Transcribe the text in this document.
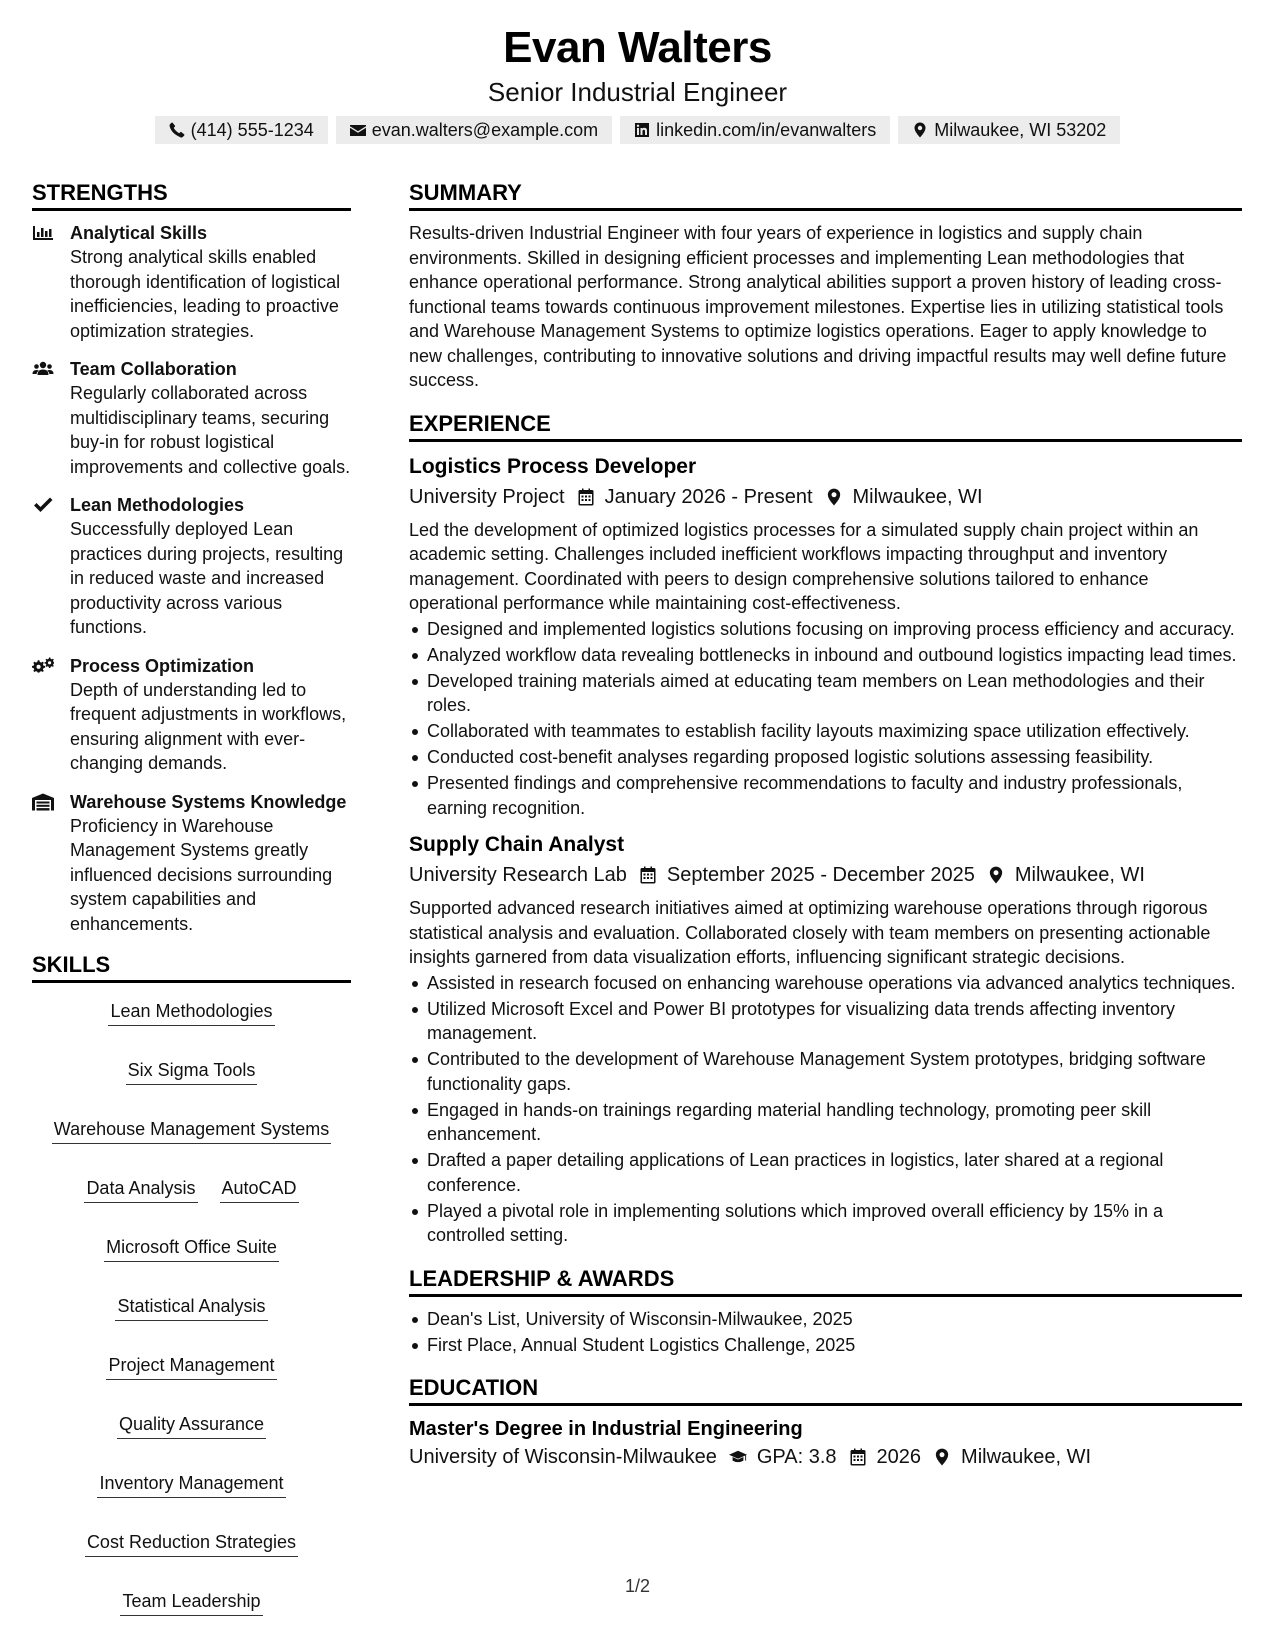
Evan Walters
Senior Industrial Engineer
(414) 555-1234	evan.walters@example.com	linkedin.com/in/evanwalters	Milwaukee, WI 53202
STRENGTHS
Analytical Skills
Strong analytical skills enabled thorough identification of logistical inefficiencies, leading to proactive optimization strategies.
Team Collaboration
Regularly collaborated across multidisciplinary teams, securing buy-in for robust logistical improvements and collective goals.
Lean Methodologies
Successfully deployed Lean practices during projects, resulting in reduced waste and increased productivity across various functions.
Process Optimization
Depth of understanding led to frequent adjustments in workflows, ensuring alignment with ever-changing demands.
Warehouse Systems Knowledge
Proficiency in Warehouse Management Systems greatly influenced decisions surrounding system capabilities and enhancements.
SKILLS
Lean Methodologies
Six Sigma Tools
Warehouse Management Systems
Data Analysis AutoCAD
Microsoft Office Suite
Statistical Analysis
Project Management
Quality Assurance
Inventory Management
Cost Reduction Strategies
Team Leadership
SUMMARY
Results-driven Industrial Engineer with four years of experience in logistics and supply chain environments. Skilled in designing efficient processes and implementing Lean methodologies that enhance operational performance. Strong analytical abilities support a proven history of leading cross-functional teams towards continuous improvement milestones. Expertise lies in utilizing statistical tools and Warehouse Management Systems to optimize logistics operations. Eager to apply knowledge to new challenges, contributing to innovative solutions and driving impactful results may well define future success.
EXPERIENCE
Logistics Process Developer
University Project January 2026 - Present Milwaukee, WI
Led the development of optimized logistics processes for a simulated supply chain project within an academic setting. Challenges included inefficient workflows impacting throughput and inventory management. Coordinated with peers to design comprehensive solutions tailored to enhance operational performance while maintaining cost-effectiveness.
Designed and implemented logistics solutions focusing on improving process efficiency and accuracy.
Analyzed workflow data revealing bottlenecks in inbound and outbound logistics impacting lead times.
Developed training materials aimed at educating team members on Lean methodologies and their roles.
Collaborated with teammates to establish facility layouts maximizing space utilization effectively.
Conducted cost-benefit analyses regarding proposed logistic solutions assessing feasibility.
Presented findings and comprehensive recommendations to faculty and industry professionals, earning recognition.
Supply Chain Analyst
University Research Lab September 2025 - December 2025 Milwaukee, WI
Supported advanced research initiatives aimed at optimizing warehouse operations through rigorous statistical analysis and evaluation. Collaborated closely with team members on presenting actionable insights garnered from data visualization efforts, influencing significant strategic decisions.
Assisted in research focused on enhancing warehouse operations via advanced analytics techniques.
Utilized Microsoft Excel and Power BI prototypes for visualizing data trends affecting inventory management.
Contributed to the development of Warehouse Management System prototypes, bridging software functionality gaps.
Engaged in hands-on trainings regarding material handling technology, promoting peer skill enhancement.
Drafted a paper detailing applications of Lean practices in logistics, later shared at a regional conference.
Played a pivotal role in implementing solutions which improved overall efficiency by 15% in a controlled setting.
LEADERSHIP & AWARDS
Dean's List, University of Wisconsin-Milwaukee, 2025
First Place, Annual Student Logistics Challenge, 2025
EDUCATION
Master's Degree in Industrial Engineering
University of Wisconsin-Milwaukee GPA: 3.8 2026 Milwaukee, WI
1/2
